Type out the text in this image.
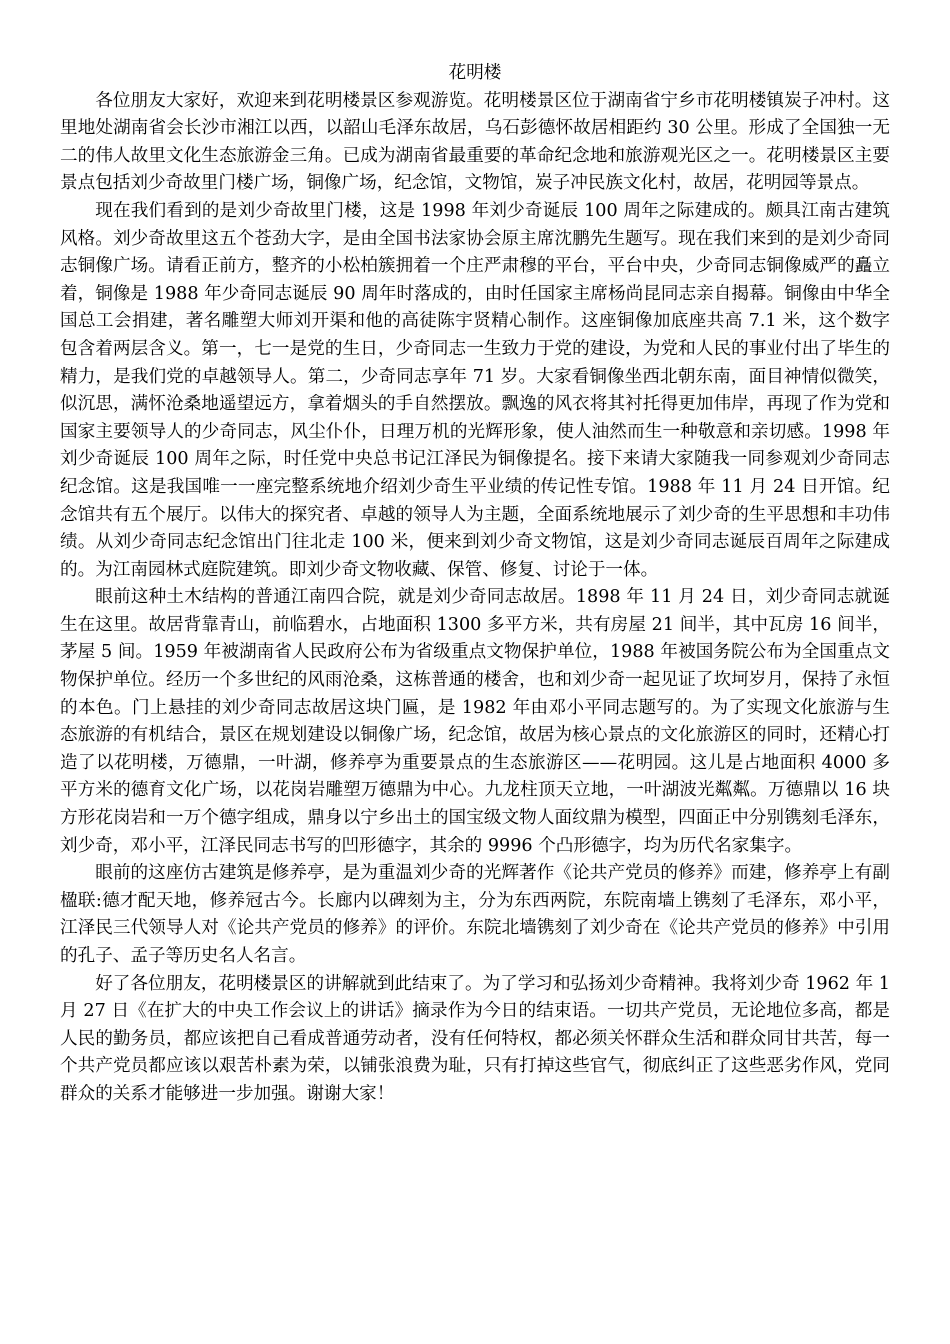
花明楼

各位朋友大家好，欢迎来到花明楼景区参观游览。花明楼景区位于湖南省宁乡市花明楼镇炭子冲村。这里地处湖南省会长沙市湘江以西，以韶山毛泽东故居，乌石彭德怀故居相距约 30 公里。形成了全国独一无二的伟人故里文化生态旅游金三角。已成为湖南省最重要的革命纪念地和旅游观光区之一。花明楼景区主要景点包括刘少奇故里门楼广场，铜像广场，纪念馆，文物馆，炭子冲民族文化村，故居，花明园等景点。

现在我们看到的是刘少奇故里门楼，这是 1998 年刘少奇诞辰 100 周年之际建成的。颇具江南古建筑风格。刘少奇故里这五个苍劲大字，是由全国书法家协会原主席沈鹏先生题写。现在我们来到的是刘少奇同志铜像广场。请看正前方，整齐的小松柏簇拥着一个庄严肃穆的平台，平台中央，少奇同志铜像威严的矗立着，铜像是 1988 年少奇同志诞辰 90 周年时落成的，由时任国家主席杨尚昆同志亲自揭幕。铜像由中华全国总工会捐建，著名雕塑大师刘开渠和他的高徒陈宇贤精心制作。这座铜像加底座共高 7.1 米，这个数字包含着两层含义。第一，七一是党的生日，少奇同志一生致力于党的建设，为党和人民的事业付出了毕生的精力，是我们党的卓越领导人。第二，少奇同志享年 71 岁。大家看铜像坐西北朝东南，面目神情似微笑，似沉思，满怀沧桑地遥望远方，拿着烟头的手自然摆放。飘逸的风衣将其衬托得更加伟岸，再现了作为党和国家主要领导人的少奇同志，风尘仆仆，日理万机的光辉形象，使人油然而生一种敬意和亲切感。1998 年刘少奇诞辰 100 周年之际，时任党中央总书记江泽民为铜像提名。接下来请大家随我一同参观刘少奇同志纪念馆。这是我国唯一一座完整系统地介绍刘少奇生平业绩的传记性专馆。1988 年 11 月 24 日开馆。纪念馆共有五个展厅。以伟大的探究者、卓越的领导人为主题，全面系统地展示了刘少奇的生平思想和丰功伟绩。从刘少奇同志纪念馆出门往北走 100 米，便来到刘少奇文物馆，这是刘少奇同志诞辰百周年之际建成的。为江南园林式庭院建筑。即刘少奇文物收藏、保管、修复、讨论于一体。

眼前这种土木结构的普通江南四合院，就是刘少奇同志故居。1898 年 11 月 24 日，刘少奇同志就诞生在这里。故居背靠青山，前临碧水，占地面积 1300 多平方米，共有房屋 21 间半，其中瓦房 16 间半，茅屋 5 间。1959 年被湖南省人民政府公布为省级重点文物保护单位，1988 年被国务院公布为全国重点文物保护单位。经历一个多世纪的风雨沧桑，这栋普通的楼舍，也和刘少奇一起见证了坎坷岁月，保持了永恒的本色。门上悬挂的刘少奇同志故居这块门匾，是 1982 年由邓小平同志题写的。为了实现文化旅游与生态旅游的有机结合，景区在规划建设以铜像广场，纪念馆，故居为核心景点的文化旅游区的同时，还精心打造了以花明楼，万德鼎，一叶湖，修养亭为重要景点的生态旅游区——花明园。这儿是占地面积 4000 多平方米的德育文化广场，以花岗岩雕塑万德鼎为中心。九龙柱顶天立地，一叶湖波光粼粼。万德鼎以 16 块方形花岗岩和一万个德字组成，鼎身以宁乡出土的国宝级文物人面纹鼎为模型，四面正中分别镌刻毛泽东，刘少奇，邓小平，江泽民同志书写的凹形德字，其余的 9996 个凸形德字，均为历代名家集字。

眼前的这座仿古建筑是修养亭，是为重温刘少奇的光辉著作《论共产党员的修养》而建，修养亭上有副楹联:德才配天地，修养冠古今。长廊内以碑刻为主，分为东西两院，东院南墙上镌刻了毛泽东，邓小平，江泽民三代领导人对《论共产党员的修养》的评价。东院北墙镌刻了刘少奇在《论共产党员的修养》中引用的孔子、孟子等历史名人名言。

好了各位朋友，花明楼景区的讲解就到此结束了。为了学习和弘扬刘少奇精神。我将刘少奇 1962 年 1 月 27 日《在扩大的中央工作会议上的讲话》摘录作为今日的结束语。一切共产党员，无论地位多高，都是人民的勤务员，都应该把自己看成普通劳动者，没有任何特权，都必须关怀群众生活和群众同甘共苦，每一个共产党员都应该以艰苦朴素为荣，以铺张浪费为耻，只有打掉这些官气，彻底纠正了这些恶劣作风，党同群众的关系才能够进一步加强。谢谢大家！
